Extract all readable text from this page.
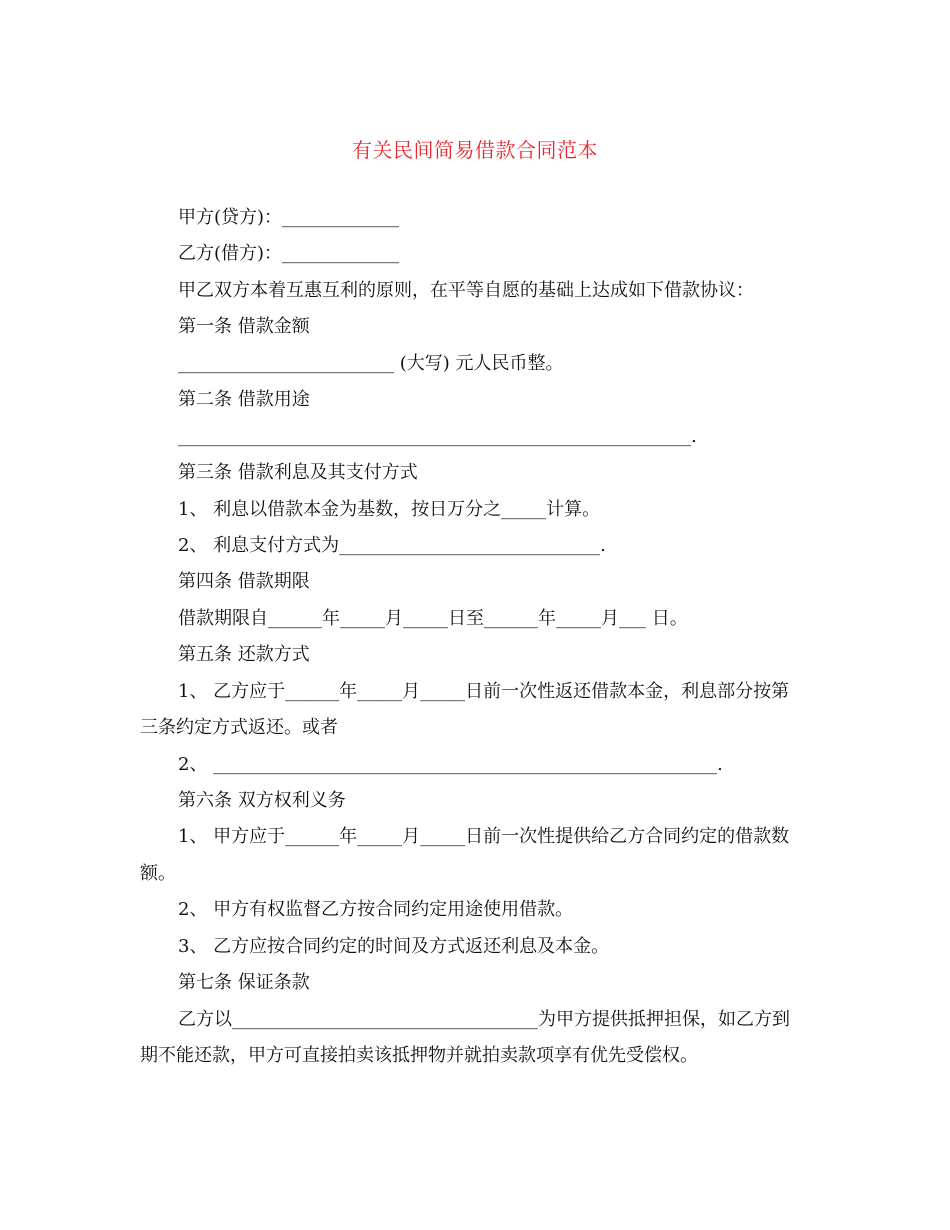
有关民间简易借款合同范本
甲方(贷方)：_____________
乙方(借方)：_____________
甲乙双方本着互惠互利的原则，在平等自愿的基础上达成如下借款协议：
第一条 借款金额
________________________ (大写) 元人民币整。
第二条 借款用途
_________________________________________________________.
第三条 借款利息及其支付方式
1、 利息以借款本金为基数，按日万分之_____计算。
2、 利息支付方式为_____________________________.
第四条 借款期限
借款期限自______年_____月_____日至______年_____月___ 日。
第五条 还款方式
1、 乙方应于______年_____月_____日前一次性返还借款本金，利息部分按第
三条约定方式返还。或者
2、 ________________________________________________________.
第六条 双方权利义务
1、 甲方应于______年_____月_____日前一次性提供给乙方合同约定的借款数
额。
2、 甲方有权监督乙方按合同约定用途使用借款。
3、 乙方应按合同约定的时间及方式返还利息及本金。
第七条 保证条款
乙方以__________________________________为甲方提供抵押担保，如乙方到
期不能还款，甲方可直接拍卖该抵押物并就拍卖款项享有优先受偿权。
